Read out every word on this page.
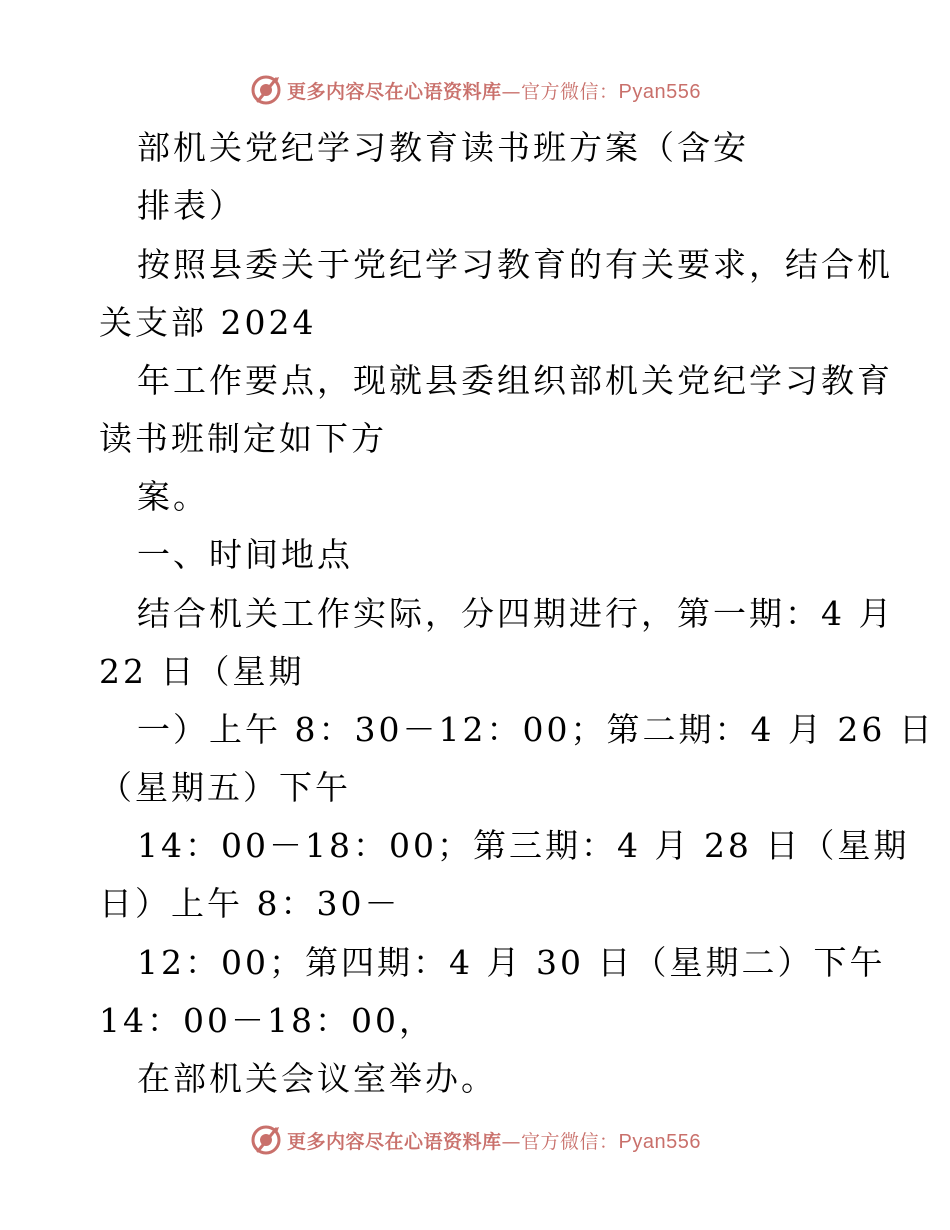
更多内容尽在心语资料库—官方微信：Pyan556
部机关党纪学习教育读书班方案（含安
排表）
按照县委关于党纪学习教育的有关要求，结合机
关支部 2024
年工作要点，现就县委组织部机关党纪学习教育
读书班制定如下方
案。
一、时间地点
结合机关工作实际，分四期进行，第一期：4 月
22 日（星期
一）上午 8：30－12：00；第二期：4 月 26 日
（星期五）下午
14：00－18：00；第三期：4 月 28 日（星期
日）上午 8：30－
12：00；第四期：4 月 30 日（星期二）下午
14：00－18：00，
在部机关会议室举办。
更多内容尽在心语资料库—官方微信：Pyan556
